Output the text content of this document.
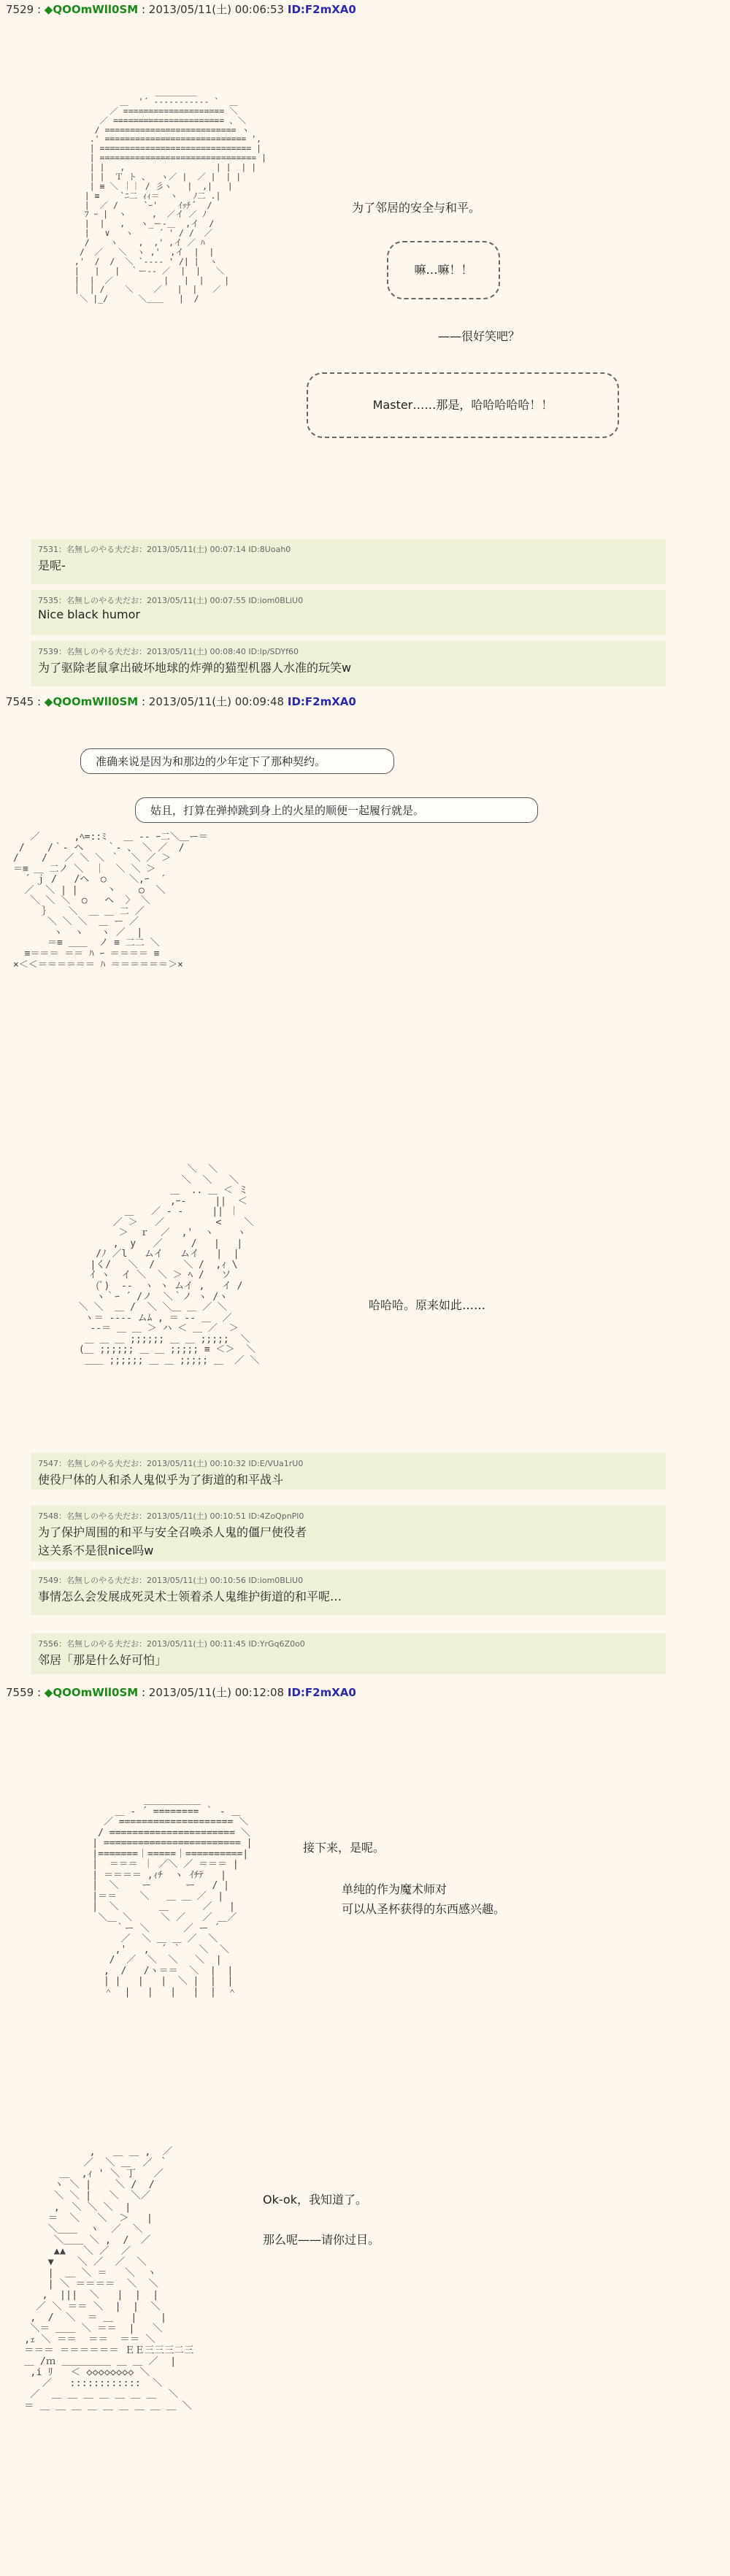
7529 : ◆QOOmWll0SM : 2013/05/11(土) 00:06:53 ID:F2mXA0
＿＿＿＿＿
＿  '´ ‐‐‐‐‐‐‐‐‐‐‐ `  ＿
／ ==================== ＼
／ ====================== 、＼
/ ========================== ヽ
.' ============================ ',
| ============================== |
| =============================== |
| |   ,                  | |  | |
| |  Ｔ ト 、  ヽ／ |  ／ |  | |
| ≡ ＼ ｜｜ / 彡ヽ   |  ,|   |
| ≡    `ﾆ二 ｨｨ＝  ヽ   ﾉ二 .|
|  ／ /     `ｰ'    ｲｯﾁ ﾞ  /
ﾌ ｰ |  ヽ     ,  ／イ ／ ﾉ
|  |   ,   ヽ_ー‐＿  ,イ  /
|   ∨   ヽ     ´ ' / /  ／
/    ヽ    ,  ,' ,イ ／ ﾊ
/  ／   ＼  ヽ ,'  ,イ  |  |
,'  /  /  ＼ `‐‐‐‐ ' /| |  ヽ
|   |   |  ｀ー‐‐ ／  |  |   ＼
|  |  ／          |   |  |    |
|  | /    ＼    ／   |  |   ／
＼ |_/      ＼＿＿   |  /

为了邻居的安全与和平。
嘛…嘛！！
——很好笑吧？
Master……那是，哈哈哈哈哈！！
7531：名無しのやる夫だお：2013/05/11(土) 00:07:14 ID:8Uoah0
是呢-
7535：名無しのやる夫だお：2013/05/11(土) 00:07:55 ID:iom0BLiU0
Nice black humor
7539：名無しのやる夫だお：2013/05/11(土) 00:08:40 ID:lp/SDYf60
为了驱除老鼠拿出破坏地球的炸弹的猫型机器人水准的玩笑w
7545 : ◆QOOmWll0SM : 2013/05/11(土) 00:09:48 ID:F2mXA0
准确来说是因为和那边的少年定下了那种契约。
姑且，打算在弹掉跳到身上的火星的顺便一起履行就是。
／      ,ﾍ=::ﾐ   ＿ ‐‐ ｰ二＼＿ー＝
/    /｀‐ ヘ    ｀‐ 、 ＼ ／  /
/    /   ／ ＼ ＼ ｀  ＼ ／ ＞
＝≡ ＿ 二ノ ＼  ｜  ＼ ＼ ＞
´ ｊ /   /ヘ  ○    ＼,ｰ  ′
／  ＼ | |     丶    ○  ＼
＼ ＼ ＼  ○   ヘ  〉 ＼
｝   ＼  ＿ ＿ 二 ／
＼ ＼ ＼  ＿ ー ／
ヽ  ヽ   ヽ ／  |
＝≡ ＿＿  ノ ≡ 二二 ＼
≡＝＝＝ ＝＝ ﾊ ｰ ＝＝＝＝ ≡
×＜＜＝＝＝＝＝＝ ﾊ ＝＝＝＝＝＝＞×

＼  ＼
＼  ＼   ＼
＿  .. ＿ ＜ ミ
,ｰ‐     ||  ＜
＿   ／ ‐ ‐     || ｜
／ ＞   ／         <    ＼
＞  ｒ  ／  ,'  ヽ    ヽ
,  y   ／     /   |   |
/ﾉ ／l   ムイ   ムイ   |  |
|く/   ＼  /     ＼ /  ,ｨ \
ｲ ヽ  イ ＼  ＼ ＞ ﾍ /   ソ
(ﾟ)  ‐‐  ヽ ヽ ムイ ,   イ /
ヽ｀ｰ ´ /ノ  ＼｀ノ ヽ /ヽ
＼ ＼  ＿ /  ＼ ＼＿ ＿ ／ ＼
ヽ＝ ‐‐‐‐ ムﾑ , ＝ ‐‐ ＿  ／
‐‐＝ ＿ ＿ ＞ ハ ＜ ＿ ／  ＞
＿ ＿ ＿ ;;;;;; ＿ ＿ ;;;;;  ＼
(＿ ;;;;;; ＿ ＿ ;;;;; ≡ ＜＞  ＼
＿＿ ;;;;;; ＿ ＿ ;;;;; ＿  ／ ＼

哈哈哈。原来如此……
7547：名無しのやる夫だお：2013/05/11(土) 00:10:32 ID:E/VUa1rU0
使役尸体的人和杀人鬼似乎为了街道的和平战斗
7548：名無しのやる夫だお：2013/05/11(土) 00:10:51 ID:4ZoQpnPl0
为了保护周围的和平与安全召唤杀人鬼的僵尸使役者
这关系不是很nice吗w
7549：名無しのやる夫だお：2013/05/11(土) 00:10:56 ID:iom0BLiU0
事情怎么会发展成死灵术士领着杀人鬼维护街道的和平呢…
7556：名無しのやる夫だお：2013/05/11(土) 00:11:45 ID:YrGq6Z0o0
邻居「那是什么好可怕」
7559 : ◆QOOmWll0SM : 2013/05/11(土) 00:12:08 ID:F2mXA0
＿＿＿＿＿＿
＿ ‐ ´ ======== ｀ ‐ ＿
／ ==================== ＼
/ ====================== ＼
| ======================== |
|=======｜=====｜==========|
|  ＝＝＝ ｜ ／＼ ／ ＝＝＝ |
| ＝＝＝＝ ,ｨﾁ  ヽ ｲﾁﾃ   |
|  ＼    ー      ー   / |
|＝＝    ＼   ＿ ＿ ／  |
|  ＼       ＿      ／   |
＼＿ ＼     ＼ ／   ／ ＿／
｀ー ＼      ／ ー ´
／  ＼ ＿ ＿ ／  ＼
,'   ,  ´ ｀   ＼  ＼
/  ／  ＼  ＼   ＼  |
,  /   /ヽ＝＝  ＼  |  |
| |   |   |  ＼ |  |  |
＾  |   |   |   |  |  ＾

接下来，是呢。
单纯的作为魔术师对
可以从圣杯获得的东西感兴趣。
,   ＿ ＿ ,  ／
／  ＼ ＿  ／ ｀
＿  ,ｨ ' ＼ 丁   ／
ヽ ＼ |    ＼ /  /
＼ ＼ |   ＼  ＼／
,  ＼ ＼ ＼  |
＝  ＼   ＼  ＞   |
＼＿＿  ヽ  ／  ＼
＼＿＿ ＼ ,  /  ／
▲▲   ＼ ／  ／
▼    ＼ ／  ／  ＼
|  ＿ ＼ ＝   ＼  ヽ
| ＼ ＝＝＝＝  ＼  ＼
,  |||  ＼   |  |  |
／ ＼ ＝＝ ＼  |  |  ＼
,  /  ＼  ＝ ＿   |    |
＼＝ ＿＿ ＼ ＝＝  |   ＼
,ｪ ＼ ＝＝  ＝＝  ＝＝ ＼
＝＝＝ ＝＝＝＝＝＝ ＥＥ三三三二三
＿ /ｍ ＿＿＿＿＿ ＿ ＿ ／  |
,i ﾘ   ＜ ◇◇◇◇◇◇◇◇ ＼
／   ::::::::::::  ＼
／  ＿ ＿ ＿ ＿ ＿ ＿ ＿  ＼
＝ ＿ ＿ ＿ ＿ ＿ ＿ ＿ ＿ ＿ ＼

Ok-ok，我知道了。
那么呢——请你过目。
